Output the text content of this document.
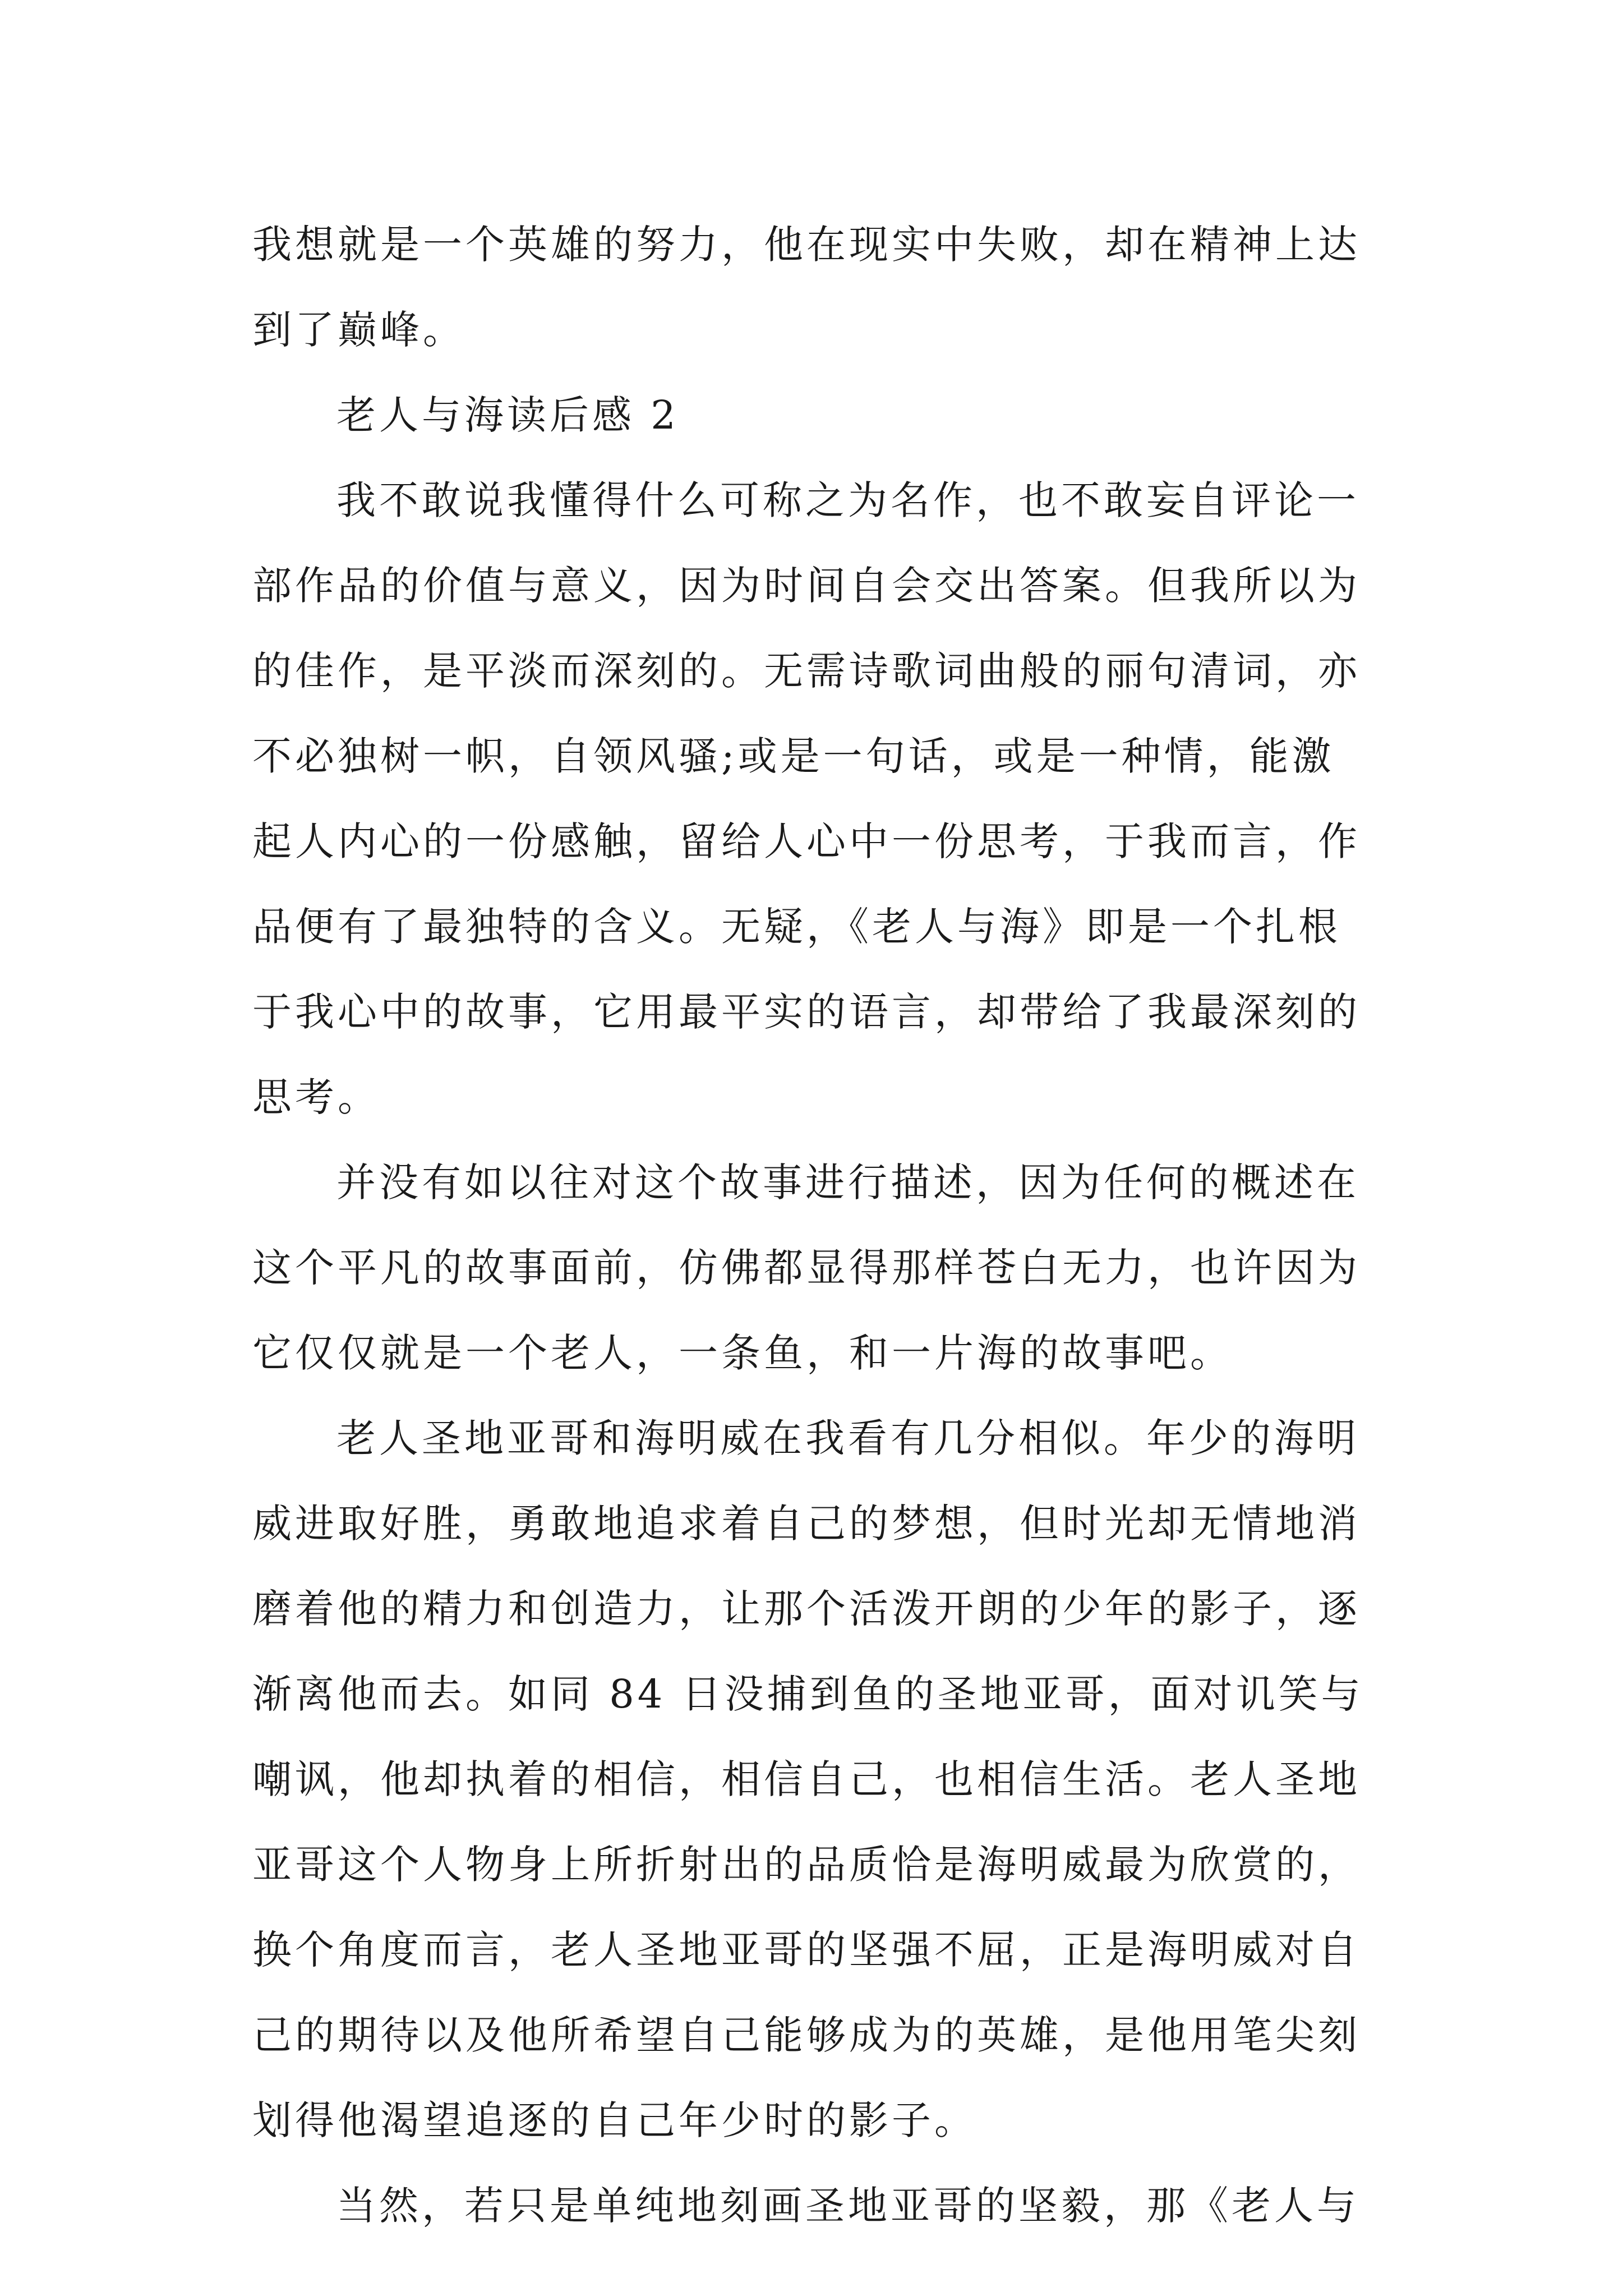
我想就是一个英雄的努力，他在现实中失败，却在精神上达
到了巅峰。
老人与海读后感 2
我不敢说我懂得什么可称之为名作，也不敢妄自评论一
部作品的价值与意义，因为时间自会交出答案。但我所以为
的佳作，是平淡而深刻的。无需诗歌词曲般的丽句清词，亦
不必独树一帜，自领风骚;或是一句话，或是一种情，能激
起人内心的一份感触，留给人心中一份思考，于我而言，作
品便有了最独特的含义。无疑，《老人与海》即是一个扎根
于我心中的故事，它用最平实的语言，却带给了我最深刻的
思考。
并没有如以往对这个故事进行描述，因为任何的概述在
这个平凡的故事面前，仿佛都显得那样苍白无力，也许因为
它仅仅就是一个老人，一条鱼，和一片海的故事吧。
老人圣地亚哥和海明威在我看有几分相似。年少的海明
威进取好胜，勇敢地追求着自己的梦想，但时光却无情地消
磨着他的精力和创造力，让那个活泼开朗的少年的影子，逐
渐离他而去。如同 84 日没捕到鱼的圣地亚哥，面对讥笑与
嘲讽，他却执着的相信，相信自己，也相信生活。老人圣地
亚哥这个人物身上所折射出的品质恰是海明威最为欣赏的，
换个角度而言，老人圣地亚哥的坚强不屈，正是海明威对自
己的期待以及他所希望自己能够成为的英雄，是他用笔尖刻
划得他渴望追逐的自己年少时的影子。
当然，若只是单纯地刻画圣地亚哥的坚毅，那《老人与
